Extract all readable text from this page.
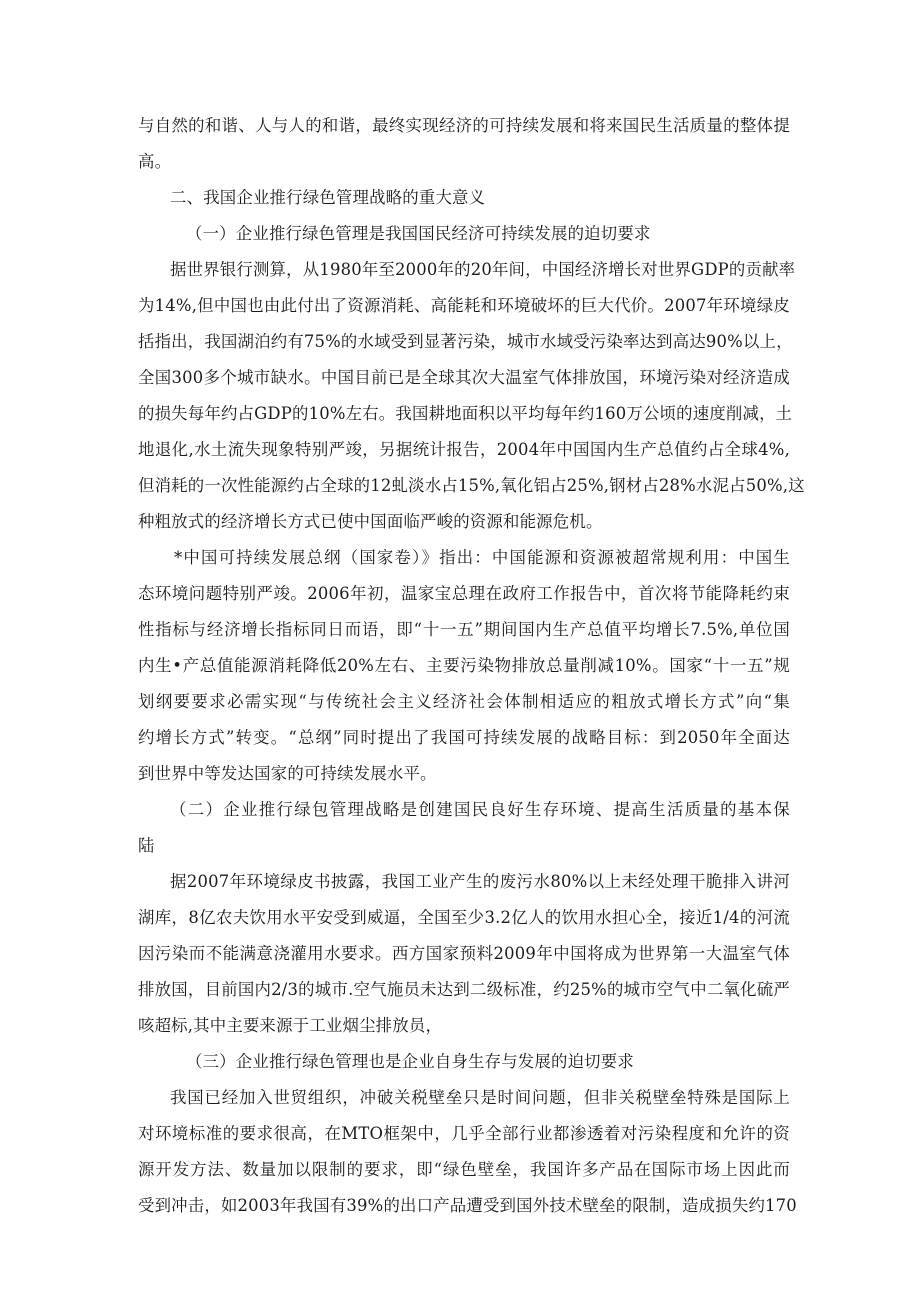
与自然的和谐、人与人的和谐，最终实现经济的可持续发展和将来国民生活质量的整体提
高。
二、我国企业推行绿色管理战略的重大意义
（一）企业推行绿色管理是我国国民经济可持续发展的迫切要求
据世界银行测算，从1980年至2000年的20年间，中国经济增长对世界GDP的贡献率
为14%,但中国也由此付出了资源消耗、高能耗和环境破坏的巨大代价。2007年环境绿皮
括指出，我国湖泊约有75%的水域受到显著污染，城市水域受污染率达到高达90%以上，
全国300多个城市缺水。中国目前已是全球其次大温室气体排放国，环境污染对经济造成
的损失每年约占GDP的10%左右。我国耕地面积以平均每年约160万公顷的速度削减，土
地退化,水土流失现象特别严竣，另据统计报告，2004年中国国内生产总值约占全球4%,
但消耗的一次性能源约占全球的12虬淡水占15%,氧化铝占25%,钢材占28%水泥占50%,这
种粗放式的经济增长方式已使中国面临严峻的资源和能源危机。
*中国可持续发展总纲（国家卷）》指出：中国能源和资源被超常规利用：中国生
态环境问题特别严竣。2006年初，温家宝总理在政府工作报告中，首次将节能降耗约束
性指标与经济增长指标同日而语，即“十一五”期间国内生产总值平均增长7.5%,单位国
内生•产总值能源消耗降低20%左右、主要污染物排放总量削减10%。国家“十一五”规
划纲要要求必需实现“与传统社会主义经济社会体制相适应的粗放式增长方式”向“集
约增长方式”转变。“总纲”同时提出了我国可持续发展的战略目标：到2050年全面达
到世界中等发达国家的可持续发展水平。
（二）企业推行绿包管理战略是创建国民良好生存环境、提高生活质量的基本保
陆
据2007年环境绿皮书披露，我国工业产生的废污水80%以上未经处理干脆排入讲河
湖库，8亿农夫饮用水平安受到威逼，全国至少3.2亿人的饮用水担心全，接近1/4的河流
因污染而不能满意浇灌用水要求。西方国家预料2009年中国将成为世界第一大温室气体
排放国，目前国内2/3的城市.空气施员未达到二级标准，约25%的城市空气中二氧化硫严
咳超标,其中主要来源于工业烟尘排放员，
（三）企业推行绿色管理也是企业自身生存与发展的迫切要求
我国已经加入世贸组织，冲破关税壁垒只是时间问题，但非关税壁垒特殊是国际上
对环境标准的要求很高，在MTO框架中，几乎全部行业都渗透着对污染程度和允许的资
源开发方法、数量加以限制的要求，即“绿色壁垒，我国许多产品在国际市场上因此而
受到冲击，如2003年我国有39%的出口产品遭受到国外技术壁垒的限制，造成损失约170
